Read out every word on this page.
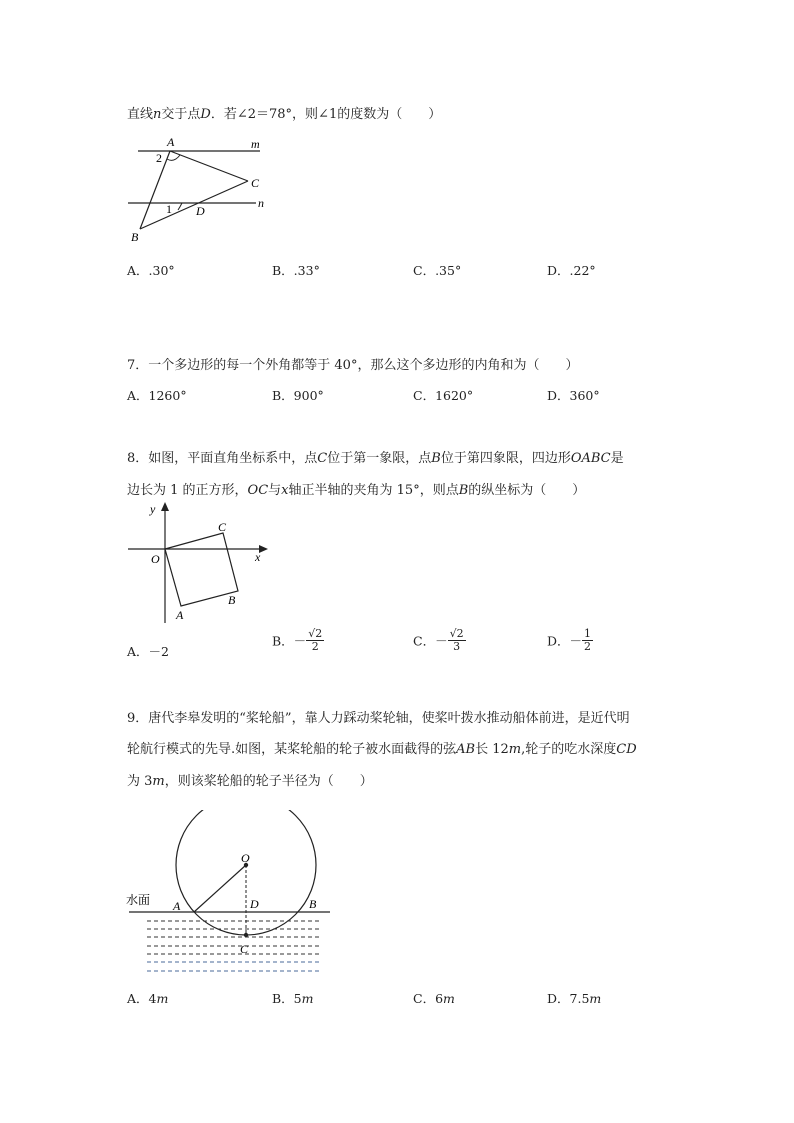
直线n交于点D．若∠2＝78°，则∠1的度数为（　　）
A
2
m
C
1 D
n
B
A．.30°	B．.33°	C．.35°	D．.22°
7．一个多边形的每一个外角都等于 40°，那么这个多边形的内角和为（　　）
A．1260°	B．900°	C．1620°	D．360°
8．如图，平面直角坐标系中，点C位于第一象限，点B位于第四象限，四边形OABC是
边长为 1 的正方形，OC与x轴正半轴的夹角为 15°，则点B的纵坐标为（　　）
y
x
O
C
B
A
A．－2
B．－ $\frac{√2}{2}$	C．－ $\frac{√2}{3}$	D．－ $\frac{1}{2}$
9．唐代李皋发明的“桨轮船”，靠人力踩动桨轮轴，使桨叶拨水推动船体前进，是近代明
轮航行模式的先导.如图，某桨轮船的轮子被水面截得的弦AB长 12m,轮子的吃水深度CD
为 3m，则该桨轮船的轮子半径为（　　）
水面
O
A	D	B
C
A．4m	B．5m	C．6m	D．7.5m
